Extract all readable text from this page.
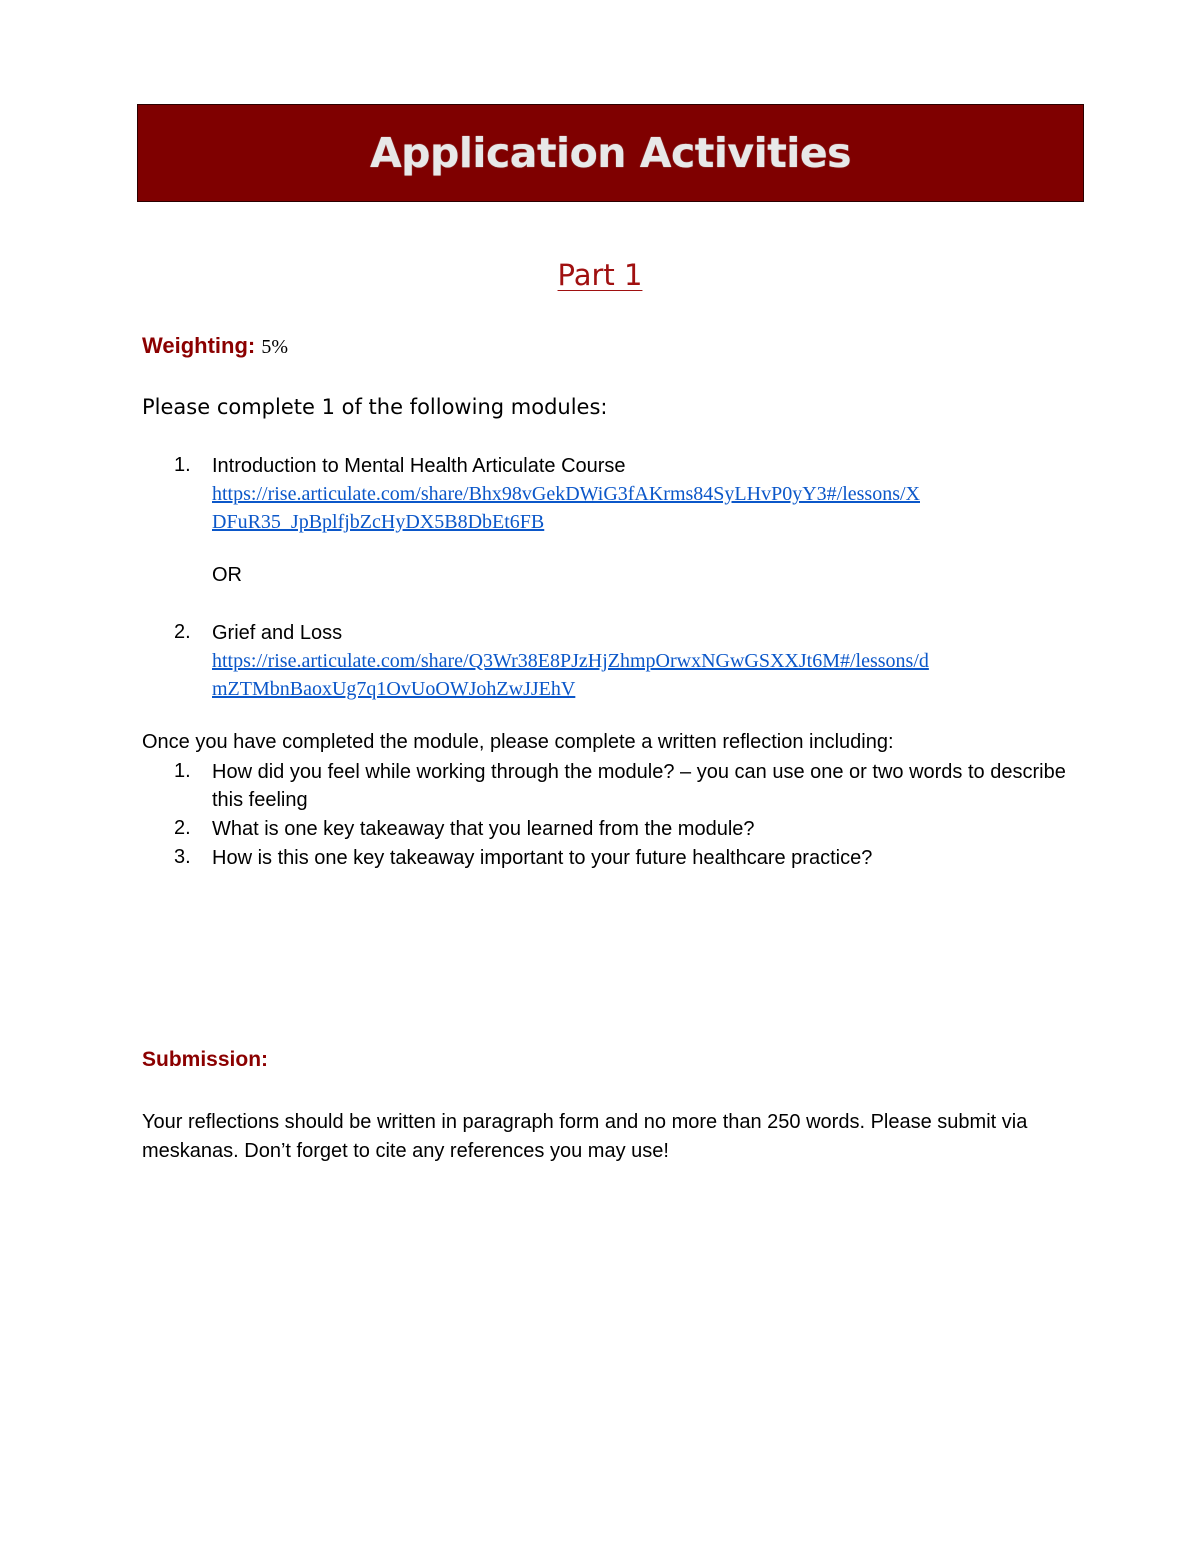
Application Activities
Part 1
Weighting: 5%
Please complete 1 of the following modules:
1. Introduction to Mental Health Articulate Course
https://rise.articulate.com/share/Bhx98vGekDWiG3fAKrms84SyLHvP0yY3#/lessons/X
DFuR35_JpBplfjbZcHyDX5B8DbEt6FB
OR
2. Grief and Loss
https://rise.articulate.com/share/Q3Wr38E8PJzHjZhmpOrwxNGwGSXXJt6M#/lessons/d
mZTMbnBaoxUg7q1OvUoOWJohZwJJEhV
Once you have completed the module, please complete a written reflection including:
1. How did you feel while working through the module? – you can use one or two words to describe this feeling
2. What is one key takeaway that you learned from the module?
3. How is this one key takeaway important to your future healthcare practice?
Submission:
Your reflections should be written in paragraph form and no more than 250 words. Please submit via meskanas. Don’t forget to cite any references you may use!
